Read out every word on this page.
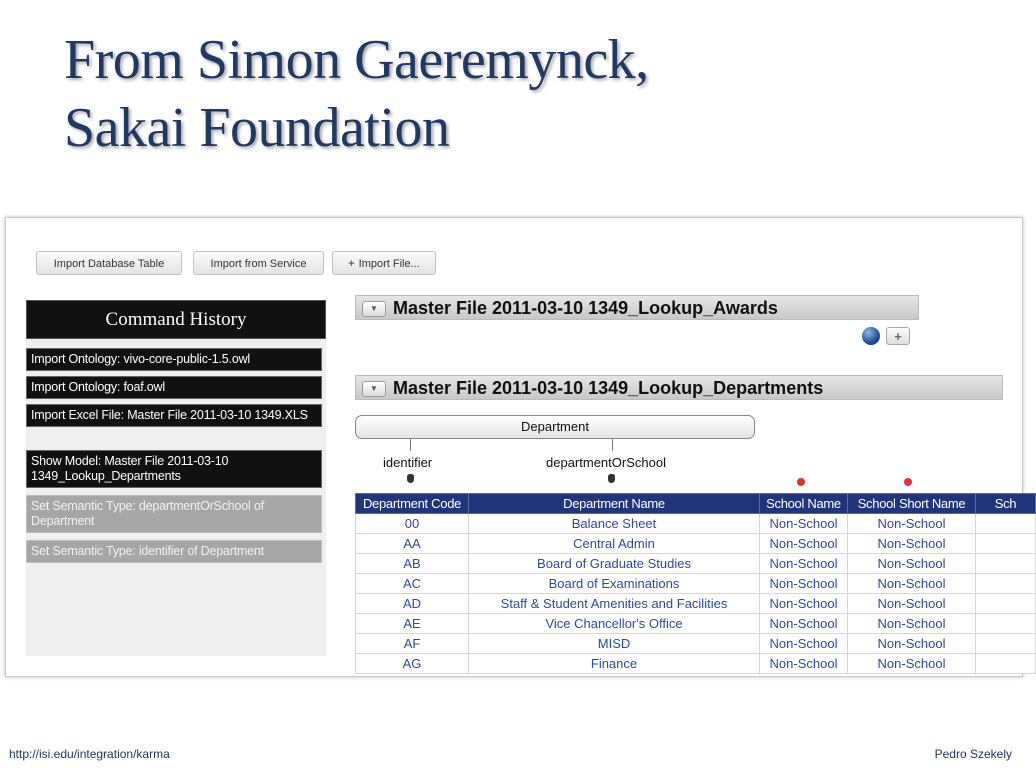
From Simon Gaeremynck,
Sakai Foundation
Import Database Table	Import from Service	+ Import File...
Command History
Import Ontology: vivo-core-public-1.5.owl
Import Ontology: foaf.owl
Import Excel File: Master File 2011-03-10 1349.XLS
Show Model: Master File 2011-03-10 1349_Lookup_Departments
Set Semantic Type: departmentOrSchool of Department
Set Semantic Type: identifier of Department
▼ Master File 2011-03-10 1349_Lookup_Awards
+
▼ Master File 2011-03-10 1349_Lookup_Departments
Department
identifier	departmentOrSchool
Department Code	Department Name	School Name	School Short Name	Sch
00	Balance Sheet	Non-School	Non-School	
AA	Central Admin	Non-School	Non-School	
AB	Board of Graduate Studies	Non-School	Non-School	
AC	Board of Examinations	Non-School	Non-School	
AD	Staff & Student Amenities and Facilities	Non-School	Non-School	
AE	Vice Chancellor's Office	Non-School	Non-School	
AF	MISD	Non-School	Non-School	
AG	Finance	Non-School	Non-School	
http://isi.edu/integration/karma	Pedro Szekely
